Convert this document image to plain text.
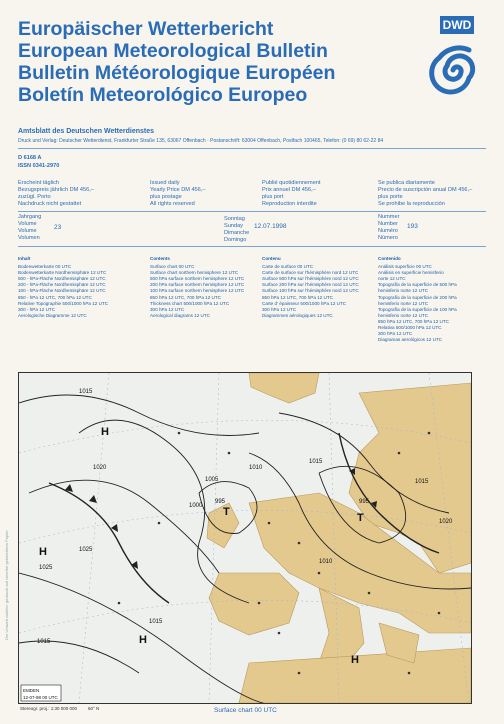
Europäischer Wetterbericht
European Meteorological Bulletin
Bulletin Météorologique Européen
Boletín Meteorológico Europeo
DWD
Amtsblatt des Deutschen Wetterdienstes
Druck und Verlag: Deutscher Wetterdienst, Frankfurter Straße 135, 63067 Offenbach · Postanschrift: 63004 Offenbach, Postfach 100465, Telefon: (0 69) 80 62-22 84
D 6168 A
ISSN 0341-2970
Erscheint täglich
Bezugspreis jährlich DM 456,–
zuzügl. Porto
Nachdruck nicht gestattet
Issued daily
Yearly Price DM 456,–
plus postage
All rights reserved
Publié quotidiennement
Prix annuel DM 456,–
plus port
Reproduction interdite
Se publica diariamente
Precio de suscripción anual DM 456,–
plus porte
Se prohibe la reproducción
Jahrgang
Volume
Volume
Volumen
23
Sonntag
Sunday
Dimanche
Domingo
12.07.1998
Nummer
Number
Numéro
Número
193
Inhalt
Bodenwetterkarte 00 UTC
Bodenwetterkarte Nordhemisphäre 12 UTC
500 - hPa-Fläche Nordhemisphäre 12 UTC
200 - hPa-Fläche Nordhemisphäre 12 UTC
100 - hPa-Fläche Nordhemisphäre 12 UTC
850 - hPa 12 UTC, 700 hPa 12 UTC
Relative Topographie 500/1000 hPa 12 UTC
300 - hPa 12 UTC
Aerologische Diagramme 12 UTC
Contents
Surface chart 00 UTC
Surface chart northern hemisphere 12 UTC
500 hPa surface northern hemisphere 12 UTC
200 hPa surface northern hemisphere 12 UTC
100 hPa surface northern hemisphere 12 UTC
850 hPa 12 UTC, 700 hPa 12 UTC
Thickness chart 500/1000 hPa 12 UTC
300 hPa 12 UTC
Aerological diagrams 12 UTC
Contenu
Carte de surface 00 UTC
Carte de surface sur l'hémisphère nord 12 UTC
Surface 500 hPa sur l'hémisphère nord 12 UTC
Surface 200 hPa sur l'hémisphère nord 12 UTC
Surface 100 hPa sur l'hémisphère nord 12 UTC
850 hPa 12 UTC, 700 hPa 12 UTC
Carte d' épaisseur 500/1000 hPa 12 UTC
300 hPa 12 UTC
Diagrammes aérologiques 12 UTC
Contenido
Análisis superficie 00 UTC
Análisis en superficie hemisferio
norte 12 UTC
Topografía de la superficie de 500 hPa
hemisferio norte 12 UTC
Topografía de la superficie de 200 hPa
hemisferio norte 12 UTC
Topografía de la superficie de 100 hPa
hemisferio norte 12 UTC
850 hPa 12 UTC, 700 hPa 12 UTC
Relativa 500/1000 hPa 12 UTC
300 hPa 12 UTC
Diagramas aerológicos 12 UTC
1015
1020
1025
1005
1000
995
1010
1015
1025
1015
1020
1015
1010
995
1015
H
H
T	T
H
H
EMDEN
12-07-98 00 UTC
Stereogr. proj.: 1:30 000 000 60° N	Surface chart 00 UTC
Der Umwelt zuliebe: gedruckt auf chlorfrei gebleichtem Papier.
